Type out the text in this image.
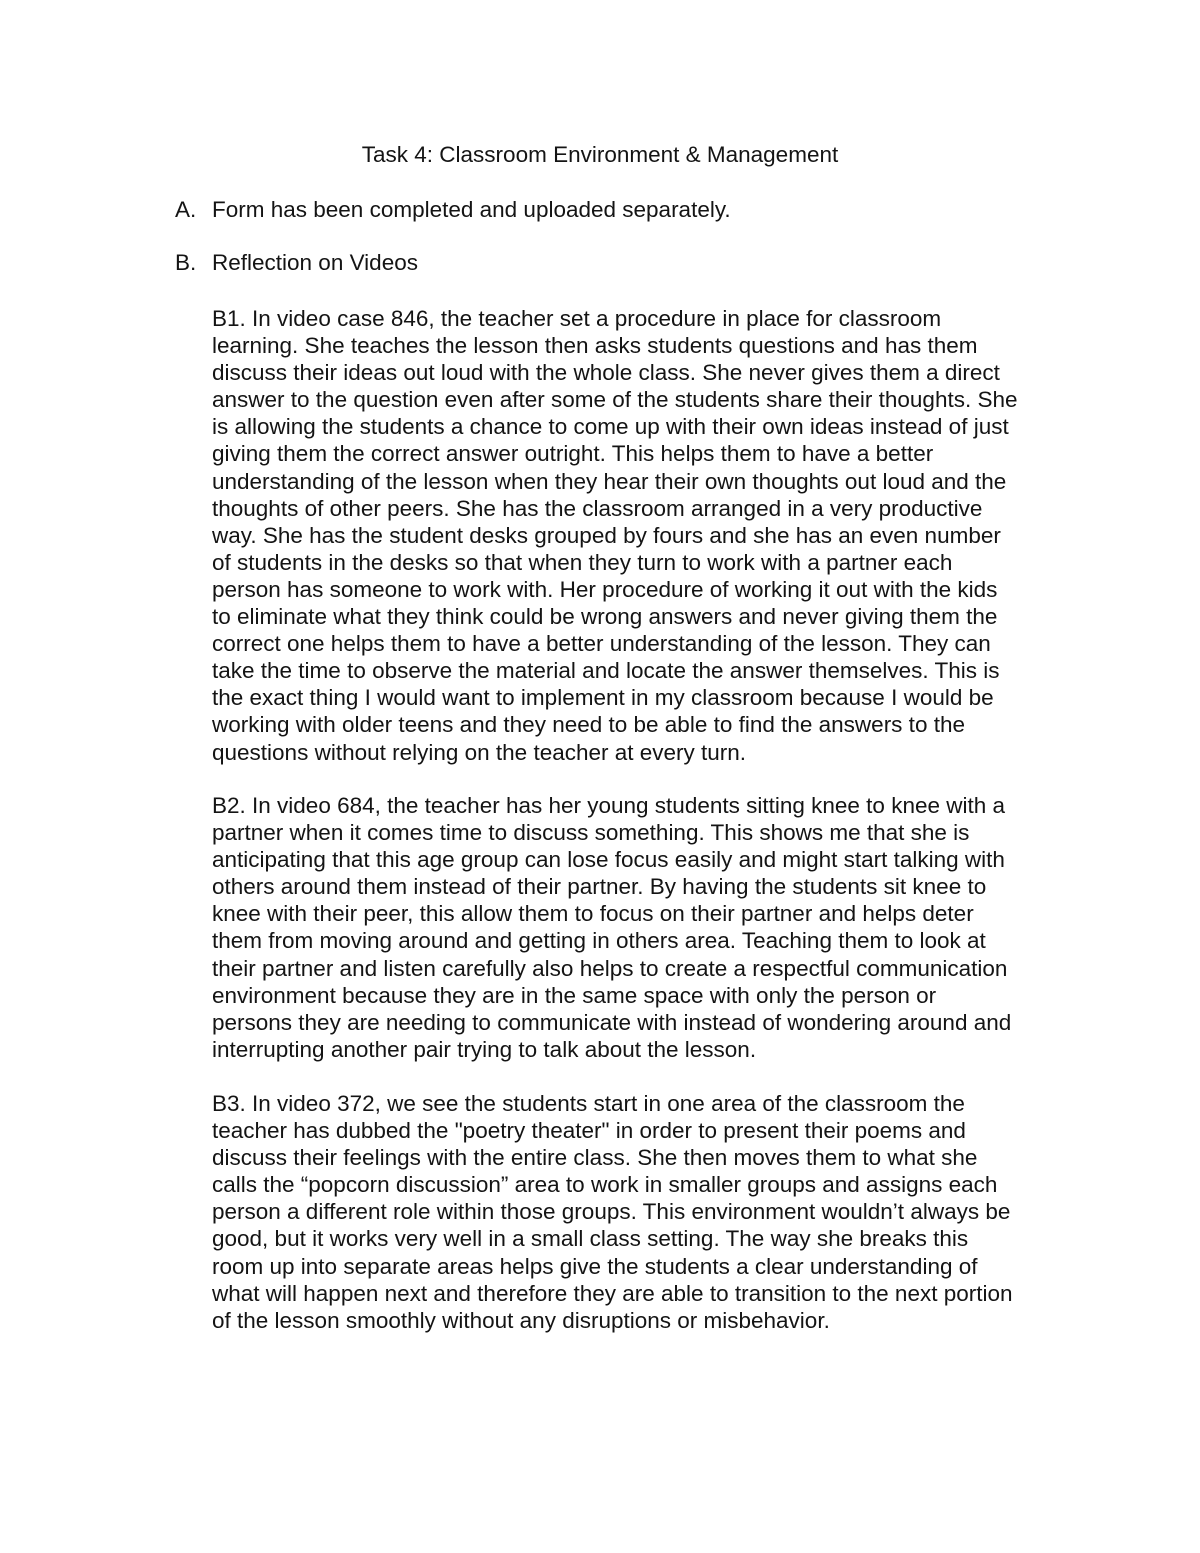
Task 4: Classroom Environment & Management
A. Form has been completed and uploaded separately.
B. Reflection on Videos
B1. In video case 846, the teacher set a procedure in place for classroom
learning. She teaches the lesson then asks students questions and has them
discuss their ideas out loud with the whole class. She never gives them a direct
answer to the question even after some of the students share their thoughts. She
is allowing the students a chance to come up with their own ideas instead of just
giving them the correct answer outright. This helps them to have a better
understanding of the lesson when they hear their own thoughts out loud and the
thoughts of other peers. She has the classroom arranged in a very productive
way. She has the student desks grouped by fours and she has an even number
of students in the desks so that when they turn to work with a partner each
person has someone to work with. Her procedure of working it out with the kids
to eliminate what they think could be wrong answers and never giving them the
correct one helps them to have a better understanding of the lesson. They can
take the time to observe the material and locate the answer themselves. This is
the exact thing I would want to implement in my classroom because I would be
working with older teens and they need to be able to find the answers to the
questions without relying on the teacher at every turn.
B2. In video 684, the teacher has her young students sitting knee to knee with a
partner when it comes time to discuss something. This shows me that she is
anticipating that this age group can lose focus easily and might start talking with
others around them instead of their partner. By having the students sit knee to
knee with their peer, this allow them to focus on their partner and helps deter
them from moving around and getting in others area. Teaching them to look at
their partner and listen carefully also helps to create a respectful communication
environment because they are in the same space with only the person or
persons they are needing to communicate with instead of wondering around and
interrupting another pair trying to talk about the lesson.
B3. In video 372, we see the students start in one area of the classroom the
teacher has dubbed the "poetry theater" in order to present their poems and
discuss their feelings with the entire class. She then moves them to what she
calls the “popcorn discussion” area to work in smaller groups and assigns each
person a different role within those groups. This environment wouldn’t always be
good, but it works very well in a small class setting. The way she breaks this
room up into separate areas helps give the students a clear understanding of
what will happen next and therefore they are able to transition to the next portion
of the lesson smoothly without any disruptions or misbehavior.
